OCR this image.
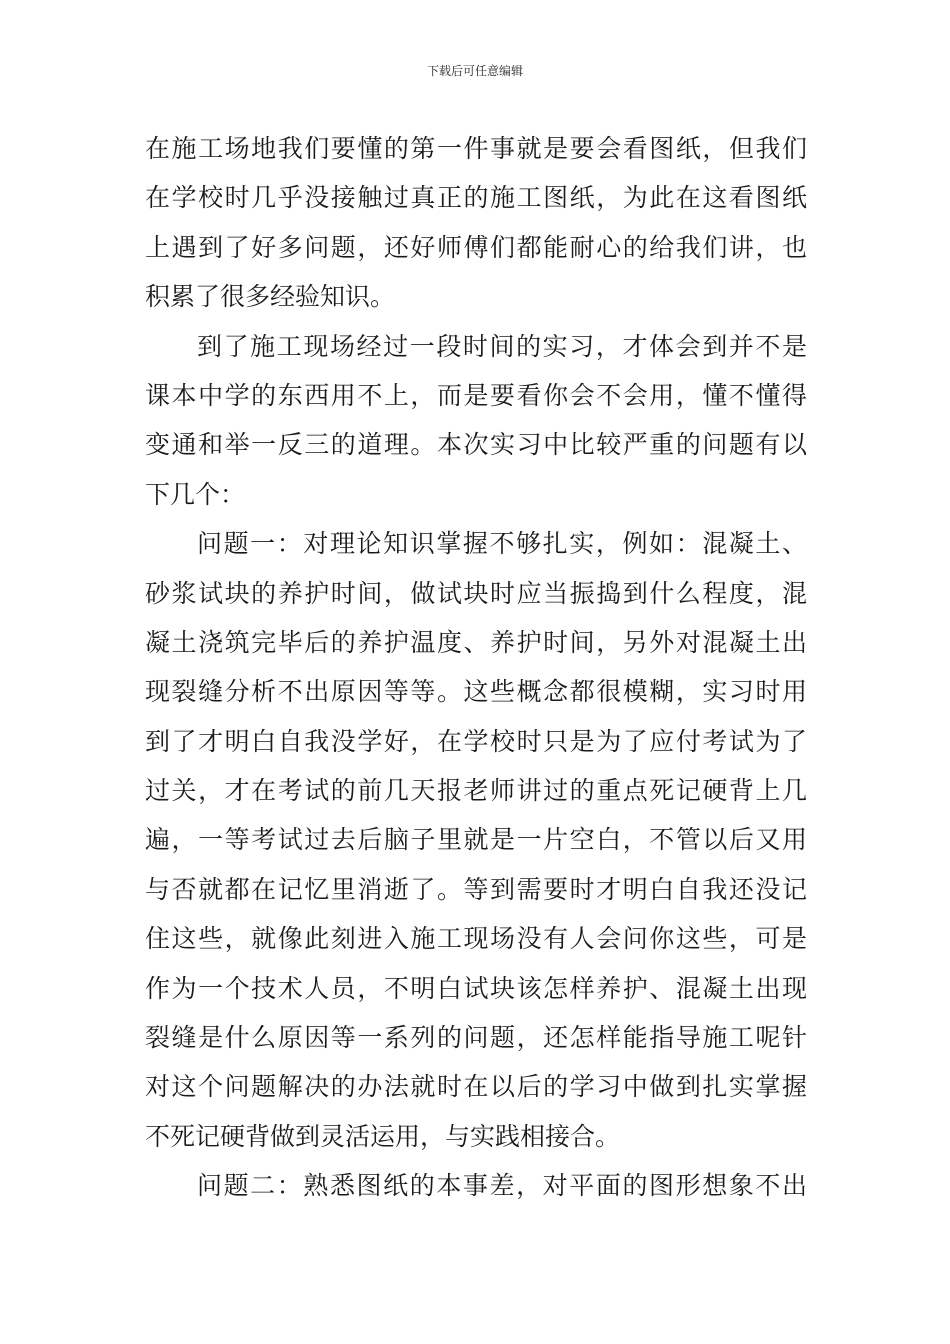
下载后可任意编辑
在施工场地我们要懂的第一件事就是要会看图纸，但我们
在学校时几乎没接触过真正的施工图纸，为此在这看图纸
上遇到了好多问题，还好师傅们都能耐心的给我们讲，也
积累了很多经验知识。
到了施工现场经过一段时间的实习，才体会到并不是
课本中学的东西用不上，而是要看你会不会用，懂不懂得
变通和举一反三的道理。本次实习中比较严重的问题有以
下几个：
问题一：对理论知识掌握不够扎实，例如：混凝土、
砂浆试块的养护时间，做试块时应当振捣到什么程度，混
凝土浇筑完毕后的养护温度、养护时间，另外对混凝土出
现裂缝分析不出原因等等。这些概念都很模糊，实习时用
到了才明白自我没学好，在学校时只是为了应付考试为了
过关，才在考试的前几天报老师讲过的重点死记硬背上几
遍，一等考试过去后脑子里就是一片空白，不管以后又用
与否就都在记忆里消逝了。等到需要时才明白自我还没记
住这些，就像此刻进入施工现场没有人会问你这些，可是
作为一个技术人员，不明白试块该怎样养护、混凝土出现
裂缝是什么原因等一系列的问题，还怎样能指导施工呢针
对这个问题解决的办法就时在以后的学习中做到扎实掌握
不死记硬背做到灵活运用，与实践相接合。
问题二：熟悉图纸的本事差，对平面的图形想象不出
